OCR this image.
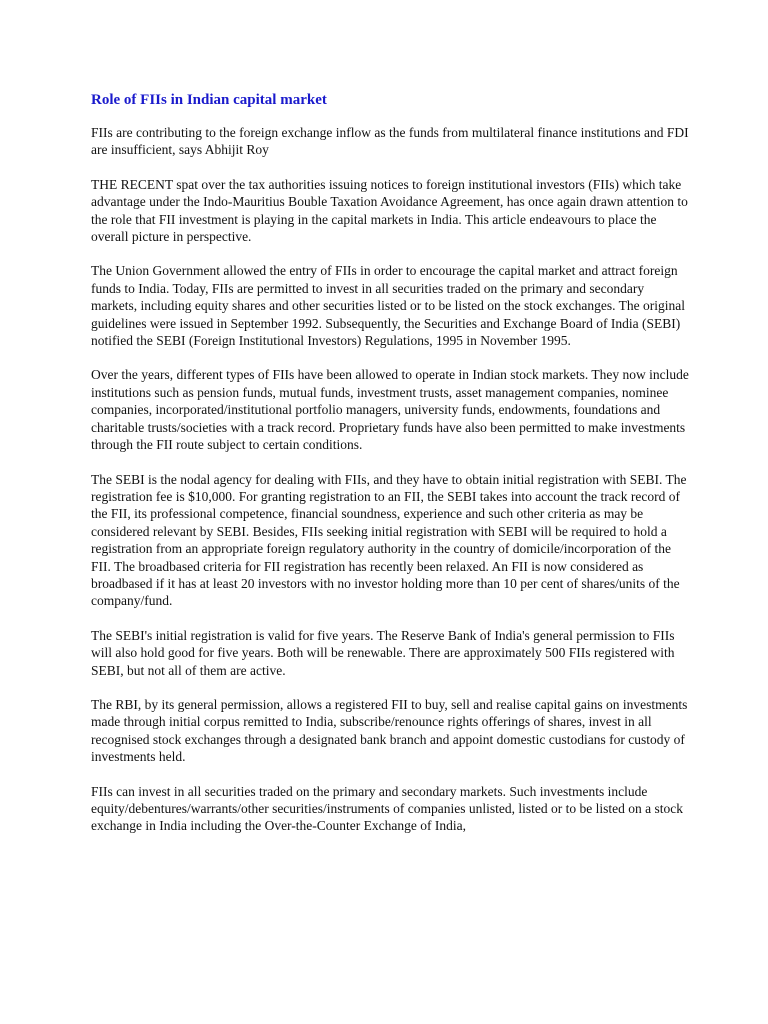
Role of FIIs in Indian capital market

FIIs are contributing to the foreign exchange inflow as the funds from multilateral finance institutions and FDI are insufficient, says Abhijit Roy

THE RECENT spat over the tax authorities issuing notices to foreign institutional investors (FIIs) which take advantage under the Indo-Mauritius Bouble Taxation Avoidance Agreement, has once again drawn attention to the role that FII investment is playing in the capital markets in India. This article endeavours to place the overall picture in perspective.

The Union Government allowed the entry of FIIs in order to encourage the capital market and attract foreign funds to India. Today, FIIs are permitted to invest in all securities traded on the primary and secondary markets, including equity shares and other securities listed or to be listed on the stock exchanges. The original guidelines were issued in September 1992. Subsequently, the Securities and Exchange Board of India (SEBI) notified the SEBI (Foreign Institutional Investors) Regulations, 1995 in November 1995.

Over the years, different types of FIIs have been allowed to operate in Indian stock markets. They now include institutions such as pension funds, mutual funds, investment trusts, asset management companies, nominee companies, incorporated/institutional portfolio managers, university funds, endowments, foundations and charitable trusts/societies with a track record. Proprietary funds have also been permitted to make investments through the FII route subject to certain conditions.

The SEBI is the nodal agency for dealing with FIIs, and they have to obtain initial registration with SEBI. The registration fee is $10,000. For granting registration to an FII, the SEBI takes into account the track record of the FII, its professional competence, financial soundness, experience and such other criteria as may be considered relevant by SEBI. Besides, FIIs seeking initial registration with SEBI will be required to hold a registration from an appropriate foreign regulatory authority in the country of domicile/incorporation of the FII. The broadbased criteria for FII registration has recently been relaxed. An FII is now considered as broadbased if it has at least 20 investors with no investor holding more than 10 per cent of shares/units of the company/fund.

The SEBI's initial registration is valid for five years. The Reserve Bank of India's general permission to FIIs will also hold good for five years. Both will be renewable. There are approximately 500 FIIs registered with SEBI, but not all of them are active.

The RBI, by its general permission, allows a registered FII to buy, sell and realise capital gains on investments made through initial corpus remitted to India, subscribe/renounce rights offerings of shares, invest in all recognised stock exchanges through a designated bank branch and appoint domestic custodians for custody of investments held.

FIIs can invest in all securities traded on the primary and secondary markets. Such investments include equity/debentures/warrants/other securities/instruments of companies unlisted, listed or to be listed on a stock exchange in India including the Over-the-Counter Exchange of India,
